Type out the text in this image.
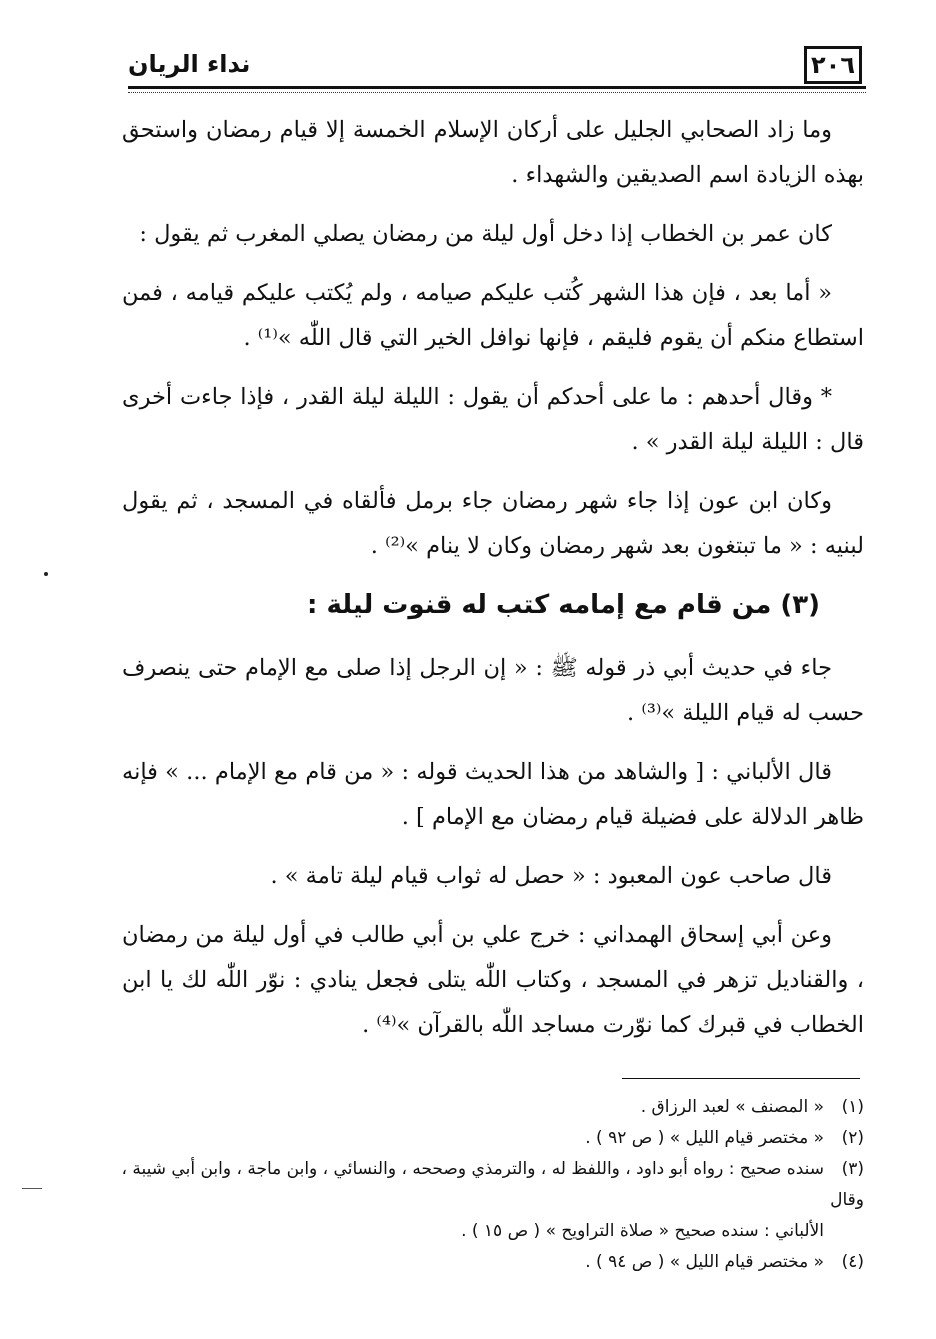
٢٠٦
نداء الريان

وما زاد الصحابي الجليل على أركان الإسلام الخمسة إلا قيام رمضان واستحق بهذه الزيادة اسم الصديقين والشهداء .

كان عمر بن الخطاب إذا دخل أول ليلة من رمضان يصلي المغرب ثم يقول :

« أما بعد ، فإن هذا الشهر كُتب عليكم صيامه ، ولم يُكتب عليكم قيامه ، فمن استطاع منكم أن يقوم فليقم ، فإنها نوافل الخير التي قال اللّٰه »⁽¹⁾ .

* وقال أحدهم : ما على أحدكم أن يقول : الليلة ليلة القدر ، فإذا جاءت أخرى قال : الليلة ليلة القدر » .

وكان ابن عون إذا جاء شهر رمضان جاء برمل فألقاه في المسجد ، ثم يقول لبنيه : « ما تبتغون بعد شهر رمضان وكان لا ينام »⁽²⁾ .

(٣) من قام مع إمامه كتب له قنوت ليلة :

جاء في حديث أبي ذر قوله ﷺ : « إن الرجل إذا صلى مع الإمام حتى ينصرف حسب له قيام الليلة »⁽³⁾ .

قال الألباني : [ والشاهد من هذا الحديث قوله : « من قام مع الإمام ... » فإنه ظاهر الدلالة على فضيلة قيام رمضان مع الإمام ] .

قال صاحب عون المعبود : « حصل له ثواب قيام ليلة تامة » .

وعن أبي إسحاق الهمداني : خرج علي بن أبي طالب في أول ليلة من رمضان ، والقناديل تزهر في المسجد ، وكتاب اللّٰه يتلى فجعل ينادي : نوّر اللّٰه لك يا ابن الخطاب في قبرك كما نوّرت مساجد اللّٰه بالقرآن »⁽⁴⁾ .

(١)« المصنف » لعبد الرزاق .

(٢)« مختصر قيام الليل » ( ص ٩٢ ) .

(٣)سنده صحيح : رواه أبو داود ، واللفظ له ، والترمذي وصححه ، والنسائي ، وابن ماجة ، وابن أبي شيبة ، وقال

الألباني : سنده صحيح « صلاة التراويح » ( ص ١٥ ) .

(٤)« مختصر قيام الليل » ( ص ٩٤ ) .
